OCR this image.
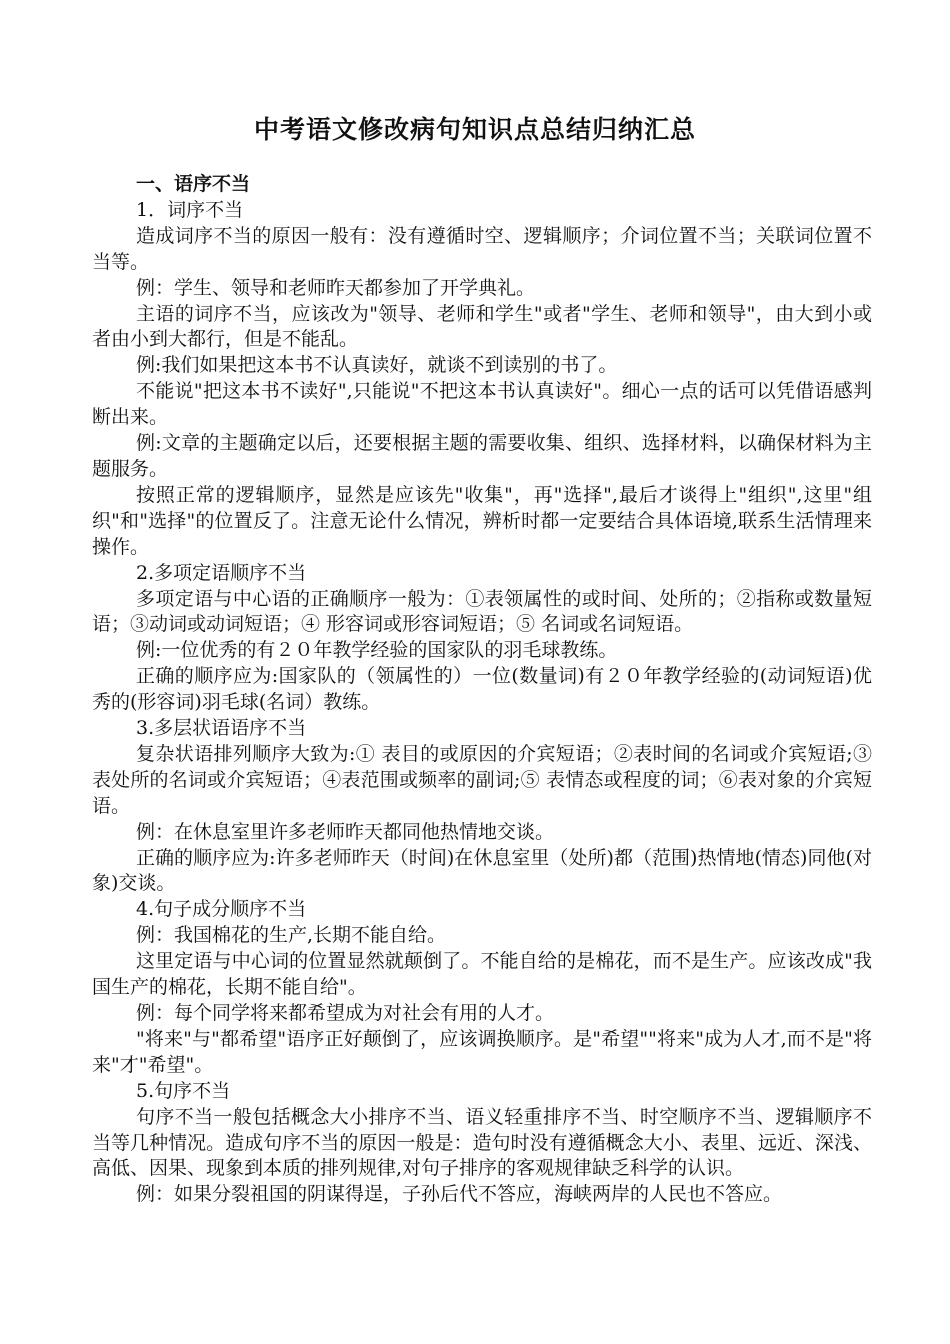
中考语文修改病句知识点总结归纳汇总
一、语序不当

1．词序不当

造成词序不当的原因一般有：没有遵循时空、逻辑顺序；介词位置不当；关联词位置不当等。

例：学生、领导和老师昨天都参加了开学典礼。

主语的词序不当，应该改为"领导、老师和学生"或者"学生、老师和领导"，由大到小或者由小到大都行，但是不能乱。

例:我们如果把这本书不认真读好，就谈不到读别的书了。

不能说"把这本书不读好",只能说"不把这本书认真读好"。细心一点的话可以凭借语感判断出来。

例:文章的主题确定以后，还要根据主题的需要收集、组织、选择材料，以确保材料为主题服务。

按照正常的逻辑顺序，显然是应该先"收集"，再"选择",最后才谈得上"组织",这里"组织"和"选择"的位置反了。注意无论什么情况，辨析时都一定要结合具体语境,联系生活情理来操作。

2.多项定语顺序不当

多项定语与中心语的正确顺序一般为：①表领属性的或时间、处所的；②指称或数量短语；③动词或动词短语；④ 形容词或形容词短语；⑤ 名词或名词短语。

例:一位优秀的有２０年教学经验的国家队的羽毛球教练。

正确的顺序应为:国家队的（领属性的）一位(数量词)有２０年教学经验的(动词短语)优秀的(形容词)羽毛球(名词）教练。

3.多层状语语序不当

复杂状语排列顺序大致为:① 表目的或原因的介宾短语；②表时间的名词或介宾短语;③ 表处所的名词或介宾短语；④表范围或频率的副词;⑤ 表情态或程度的词；⑥表对象的介宾短语。

例：在休息室里许多老师昨天都同他热情地交谈。

正确的顺序应为:许多老师昨天（时间)在休息室里（处所)都（范围)热情地(情态)同他(对象)交谈。

4.句子成分顺序不当

例：我国棉花的生产,长期不能自给。

这里定语与中心词的位置显然就颠倒了。不能自给的是棉花，而不是生产。应该改成"我国生产的棉花，长期不能自给"。

例：每个同学将来都希望成为对社会有用的人才。

"将来"与"都希望"语序正好颠倒了，应该调换顺序。是"希望""将来"成为人才,而不是"将来"才"希望"。

5.句序不当

句序不当一般包括概念大小排序不当、语义轻重排序不当、时空顺序不当、逻辑顺序不当等几种情况。造成句序不当的原因一般是：造句时没有遵循概念大小、表里、远近、深浅、高低、因果、现象到本质的排列规律,对句子排序的客观规律缺乏科学的认识。

例：如果分裂祖国的阴谋得逞，子孙后代不答应，海峡两岸的人民也不答应。
